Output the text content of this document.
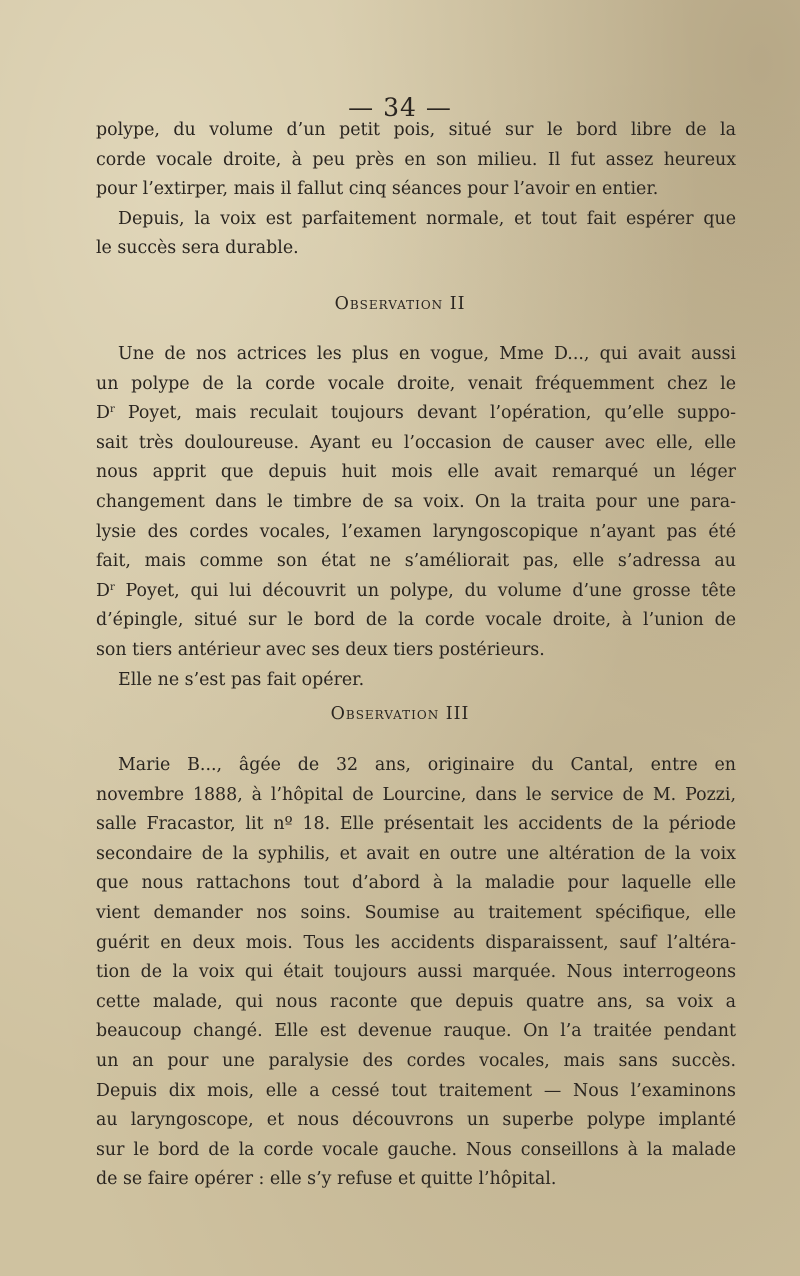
— 34 —
polype, du volume d’un petit pois, situé sur le bord libre de la
corde vocale droite, à peu près en son milieu. Il fut assez heureux
pour l’extirper, mais il fallut cinq séances pour l’avoir en entier.
Depuis, la voix est parfaitement normale, et tout fait espérer que
le succès sera durable.
Observation II
Une de nos actrices les plus en vogue, Mme D..., qui avait aussi
un polype de la corde vocale droite, venait fréquemment chez le
$D^r$ Poyet, mais reculait toujours devant l’opération, qu’elle suppo-
sait très douloureuse. Ayant eu l’occasion de causer avec elle, elle
nous apprit que depuis huit mois elle avait remarqué un léger
changement dans le timbre de sa voix. On la traita pour une para-
lysie des cordes vocales, l’examen laryngoscopique n’ayant pas été
fait, mais comme son état ne s’améliorait pas, elle s’adressa au
$D^r$ Poyet, qui lui découvrit un polype, du volume d’une grosse tête
d’épingle, situé sur le bord de la corde vocale droite, à l’union de
son tiers antérieur avec ses deux tiers postérieurs.
Elle ne s’est pas fait opérer.
Observation III
Marie B..., âgée de 32 ans, originaire du Cantal, entre en
novembre 1888, à l’hôpital de Lourcine, dans le service de M. Pozzi,
salle Fracastor, lit nº 18. Elle présentait les accidents de la période
secondaire de la syphilis, et avait en outre une altération de la voix
que nous rattachons tout d’abord à la maladie pour laquelle elle
vient demander nos soins. Soumise au traitement spécifique, elle
guérit en deux mois. Tous les accidents disparaissent, sauf l’altéra-
tion de la voix qui était toujours aussi marquée. Nous interrogeons
cette malade, qui nous raconte que depuis quatre ans, sa voix a
beaucoup changé. Elle est devenue rauque. On l’a traitée pendant
un an pour une paralysie des cordes vocales, mais sans succès.
Depuis dix mois, elle a cessé tout traitement — Nous l’examinons
au laryngoscope, et nous découvrons un superbe polype implanté
sur le bord de la corde vocale gauche. Nous conseillons à la malade
de se faire opérer : elle s’y refuse et quitte l’hôpital.
